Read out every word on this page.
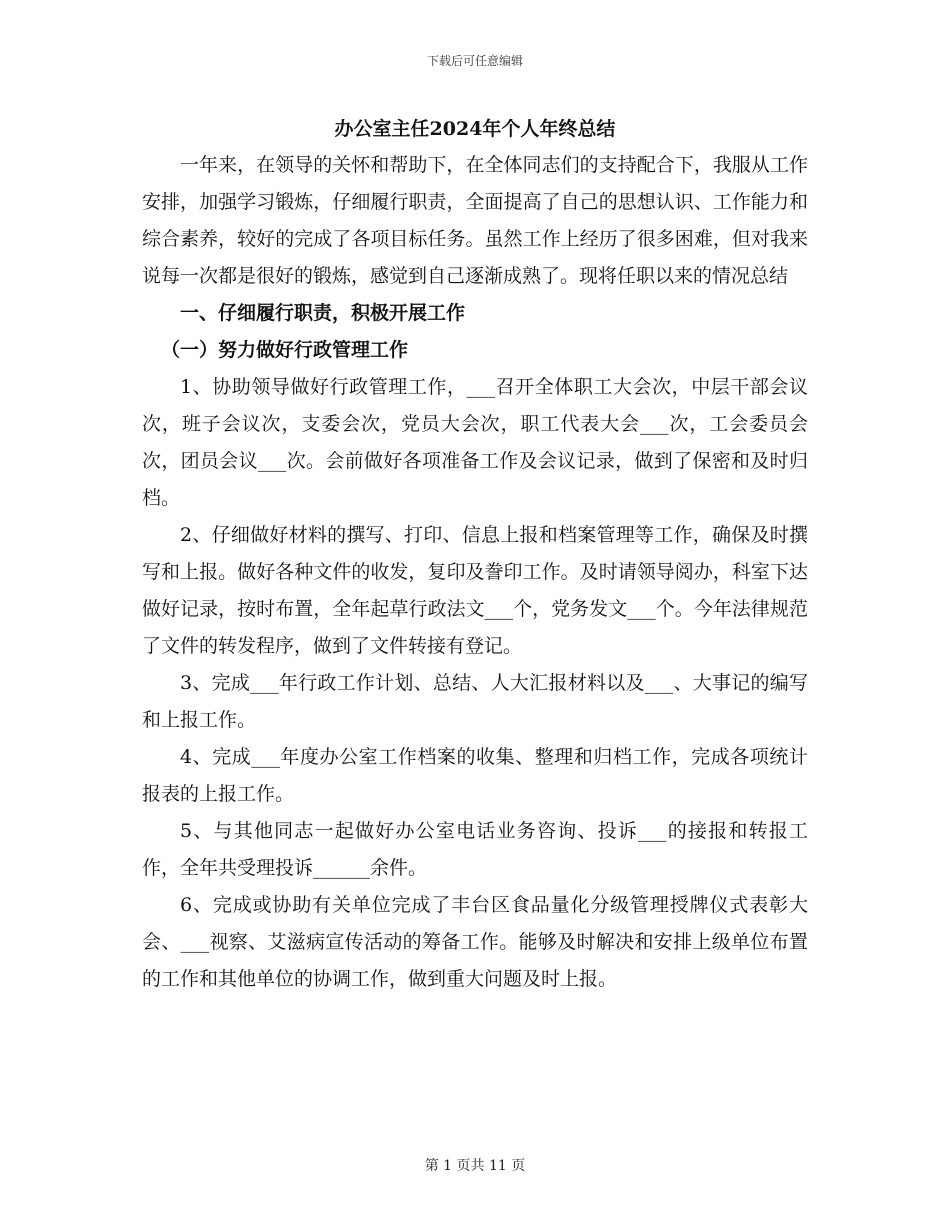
下载后可任意编辑
办公室主任2024年个人年终总结

一年来，在领导的关怀和帮助下，在全体同志们的支持配合下，我服从工作安排，加强学习锻炼，仔细履行职责，全面提高了自己的思想认识、工作能力和综合素养，较好的完成了各项目标任务。虽然工作上经历了很多困难，但对我来说每一次都是很好的锻炼，感觉到自己逐渐成熟了。现将任职以来的情况总结

一、仔细履行职责，积极开展工作

（一）努力做好行政管理工作

1、协助领导做好行政管理工作，___召开全体职工大会次，中层干部会议次，班子会议次，支委会次，党员大会次，职工代表大会___次，工会委员会次，团员会议___次。会前做好各项准备工作及会议记录，做到了保密和及时归档。

2、仔细做好材料的撰写、打印、信息上报和档案管理等工作，确保及时撰写和上报。做好各种文件的收发，复印及誊印工作。及时请领导阅办，科室下达做好记录，按时布置，全年起草行政法文___个，党务发文___个。今年法律规范了文件的转发程序，做到了文件转接有登记。

3、完成___年行政工作计划、总结、人大汇报材料以及___、大事记的编写和上报工作。

4、完成___年度办公室工作档案的收集、整理和归档工作，完成各项统计报表的上报工作。

5、与其他同志一起做好办公室电话业务咨询、投诉___的接报和转报工作，全年共受理投诉______余件。

6、完成或协助有关单位完成了丰台区食品量化分级管理授牌仪式表彰大会、___视察、艾滋病宣传活动的筹备工作。能够及时解决和安排上级单位布置的工作和其他单位的协调工作，做到重大问题及时上报。

第 1 页共 11 页
